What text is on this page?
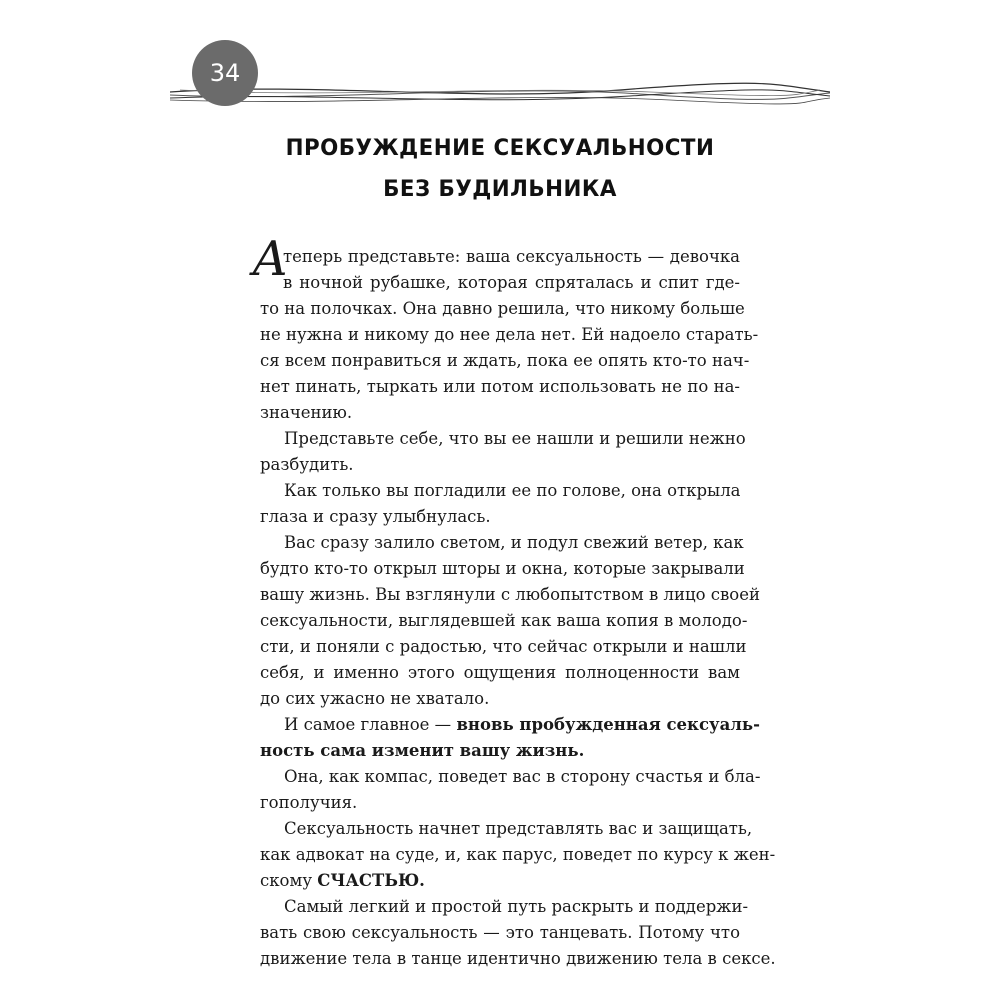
34
ПРОБУЖДЕНИЕ СЕКСУАЛЬНОСТИ
БЕЗ БУДИЛЬНИКА
А
теперь представьте: ваша сексуальность — девочка
в ночной рубашке, которая спряталась и спит где-
то на полочках. Она давно решила, что никому больше
не нужна и никому до нее дела нет. Ей надоело старать-
ся всем понравиться и ждать, пока ее опять кто-то нач-
нет пинать, тыркать или потом использовать не по на-
значению.
Представьте себе, что вы ее нашли и решили нежно
разбудить.
Как только вы погладили ее по голове, она открыла
глаза и сразу улыбнулась.
Вас сразу залило светом, и подул свежий ветер, как
будто кто-то открыл шторы и окна, которые закрывали
вашу жизнь. Вы взглянули с любопытством в лицо своей
сексуальности, выглядевшей как ваша копия в молодо-
сти, и поняли с радостью, что сейчас открыли и нашли
себя, и именно этого ощущения полноценности вам
до сих ужасно не хватало.
И самое главное — вновь пробужденная сексуаль-
ность сама изменит вашу жизнь.
Она, как компас, поведет вас в сторону счастья и бла-
гополучия.
Сексуальность начнет представлять вас и защищать,
как адвокат на суде, и, как парус, поведет по курсу к жен-
скому СЧАСТЬЮ.
Самый легкий и простой путь раскрыть и поддержи-
вать свою сексуальность — это танцевать. Потому что
движение тела в танце идентично движению тела в сексе.
